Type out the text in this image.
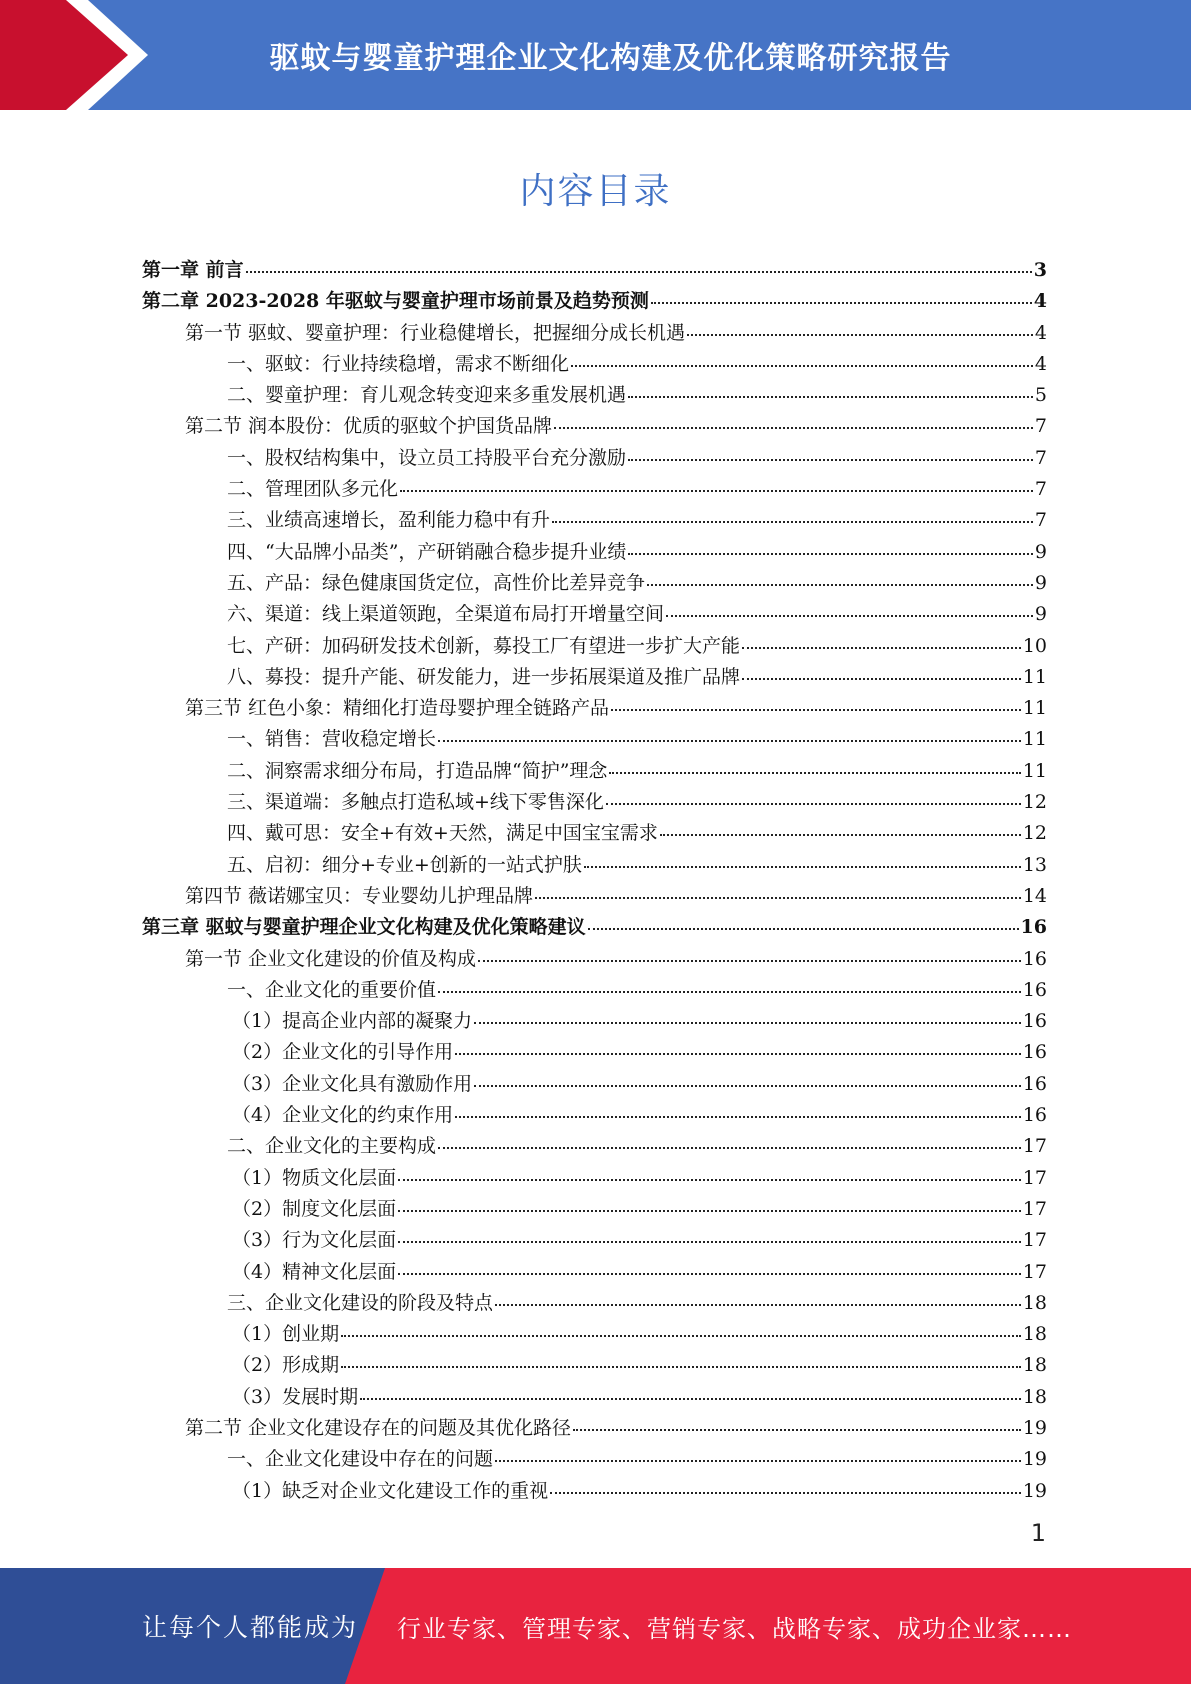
驱蚊与婴童护理企业文化构建及优化策略研究报告
内容目录
第一章 前言	3
第二章 2023-2028 年驱蚊与婴童护理市场前景及趋势预测	4
第一节 驱蚊、婴童护理：行业稳健增长，把握细分成长机遇	4
一、驱蚊：行业持续稳增，需求不断细化	4
二、婴童护理：育儿观念转变迎来多重发展机遇	5
第二节 润本股份：优质的驱蚊个护国货品牌	7
一、股权结构集中，设立员工持股平台充分激励	7
二、管理团队多元化	7
三、业绩高速增长，盈利能力稳中有升	7
四、“大品牌小品类”，产研销融合稳步提升业绩	9
五、产品：绿色健康国货定位，高性价比差异竞争	9
六、渠道：线上渠道领跑，全渠道布局打开增量空间	9
七、产研：加码研发技术创新，募投工厂有望进一步扩大产能	10
八、募投：提升产能、研发能力，进一步拓展渠道及推广品牌	11
第三节 红色小象：精细化打造母婴护理全链路产品	11
一、销售：营收稳定增长	11
二、洞察需求细分布局，打造品牌“简护”理念	11
三、渠道端：多触点打造私域+线下零售深化	12
四、戴可思：安全+有效+天然，满足中国宝宝需求	12
五、启初：细分+专业+创新的一站式护肤	13
第四节 薇诺娜宝贝：专业婴幼儿护理品牌	14
第三章 驱蚊与婴童护理企业文化构建及优化策略建议	16
第一节 企业文化建设的价值及构成	16
一、企业文化的重要价值	16
（1）提高企业内部的凝聚力	16
（2）企业文化的引导作用	16
（3）企业文化具有激励作用	16
（4）企业文化的约束作用	16
二、企业文化的主要构成	17
（1）物质文化层面	17
（2）制度文化层面	17
（3）行为文化层面	17
（4）精神文化层面	17
三、企业文化建设的阶段及特点	18
（1）创业期	18
（2）形成期	18
（3）发展时期	18
第二节 企业文化建设存在的问题及其优化路径	19
一、企业文化建设中存在的问题	19
（1）缺乏对企业文化建设工作的重视	19
1
让每个人都能成为 行业专家、管理专家、营销专家、战略专家、成功企业家……
